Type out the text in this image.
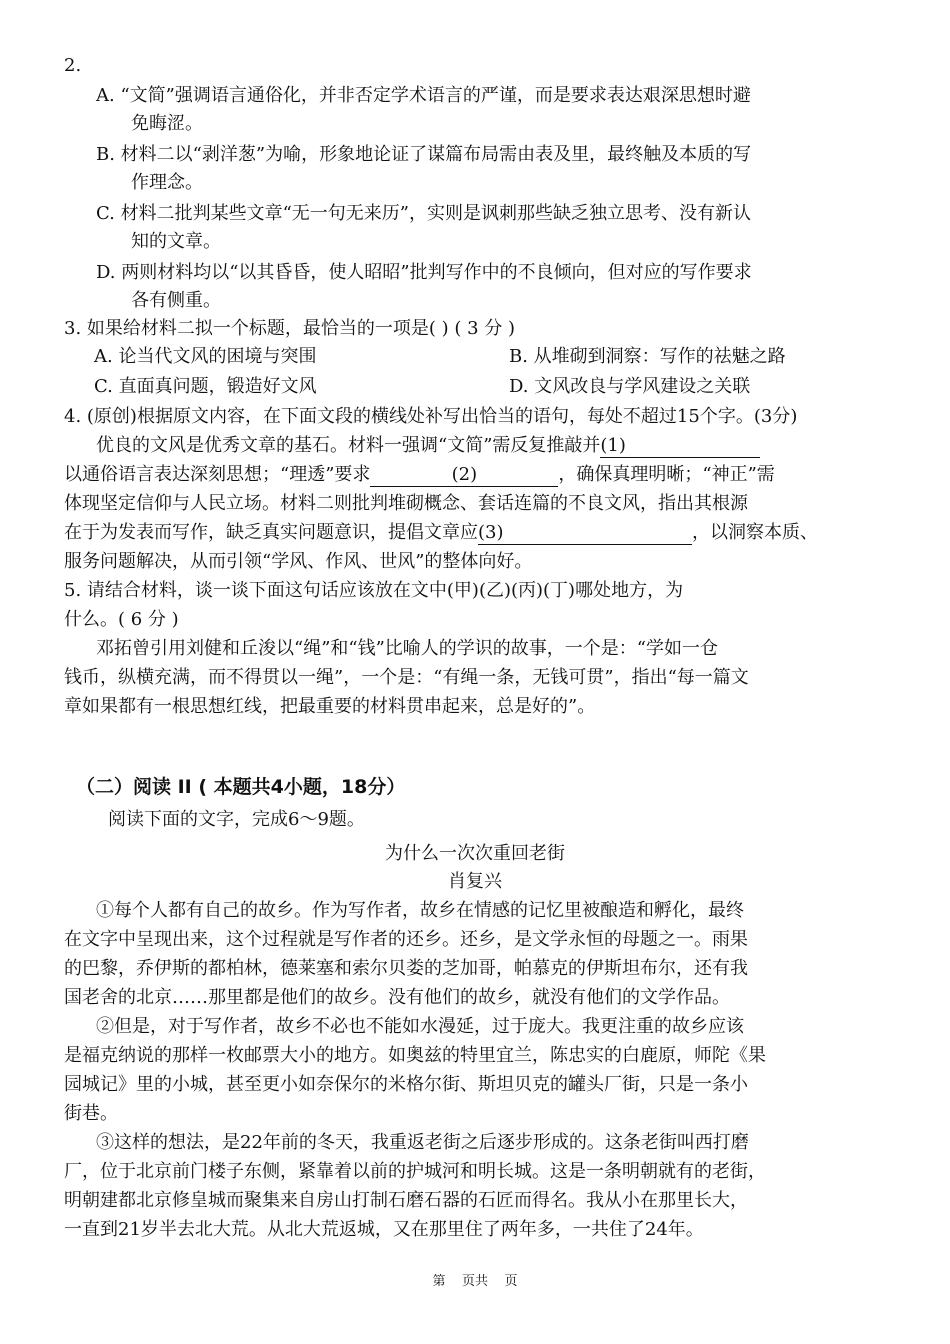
2.
A. “文简”强调语言通俗化，并非否定学术语言的严谨，而是要求表达艰深思想时避
免晦涩。
B. 材料二以“剥洋葱”为喻，形象地论证了谋篇布局需由表及里，最终触及本质的写
作理念。
C. 材料二批判某些文章“无一句无来历”，实则是讽刺那些缺乏独立思考、没有新认
知的文章。
D. 两则材料均以“以其昏昏，使人昭昭”批判写作中的不良倾向，但对应的写作要求
各有侧重。
3. 如果给材料二拟一个标题，最恰当的一项是( ) ( 3 分 )
A. 论当代文风的困境与突围	B. 从堆砌到洞察：写作的祛魅之路
C. 直面真问题，锻造好文风	D. 文风改良与学风建设之关联
4. (原创)根据原文内容，在下面文段的横线处补写出恰当的语句，每处不超过15个字。(3分)
优良的文风是优秀文章的基石。材料一强调“文简”需反复推敲并(1)
以通俗语言表达深刻思想；“理透”要求	(2)	，确保真理明晰；“神正”需
体现坚定信仰与人民立场。材料二则批判堆砌概念、套话连篇的不良文风，指出其根源
在于为发表而写作，缺乏真实问题意识，提倡文章应(3)	，以洞察本质、
服务问题解决，从而引领“学风、作风、世风”的整体向好。
5. 请结合材料，谈一谈下面这句话应该放在文中(甲)(乙)(丙)(丁)哪处地方，为
什么。( 6 分 )
邓拓曾引用刘健和丘浚以“绳”和“钱”比喻人的学识的故事，一个是：“学如一仓
钱币，纵横充满，而不得贯以一绳”，一个是：“有绳一条，无钱可贯”，指出“每一篇文
章如果都有一根思想红线，把最重要的材料贯串起来，总是好的”。
（二）阅读 II ( 本题共4小题，18分）
阅读下面的文字，完成6～9题。
为什么一次次重回老街
肖复兴
①每个人都有自己的故乡。作为写作者，故乡在情感的记忆里被酿造和孵化，最终
在文字中呈现出来，这个过程就是写作者的还乡。还乡，是文学永恒的母题之一。雨果
的巴黎，乔伊斯的都柏林，德莱塞和索尔贝娄的芝加哥，帕慕克的伊斯坦布尔，还有我
国老舍的北京……那里都是他们的故乡。没有他们的故乡，就没有他们的文学作品。
②但是，对于写作者，故乡不必也不能如水漫延，过于庞大。我更注重的故乡应该
是福克纳说的那样一枚邮票大小的地方。如奥兹的特里宜兰，陈忠实的白鹿原，师陀《果
园城记》里的小城，甚至更小如奈保尔的米格尔街、斯坦贝克的罐头厂街，只是一条小
街巷。
③这样的想法，是22年前的冬天，我重返老街之后逐步形成的。这条老街叫西打磨
厂，位于北京前门楼子东侧，紧靠着以前的护城河和明长城。这是一条明朝就有的老街，
明朝建都北京修皇城而聚集来自房山打制石磨石器的石匠而得名。我从小在那里长大，
一直到21岁半去北大荒。从北大荒返城，又在那里住了两年多，一共住了24年。
第    页共    页
